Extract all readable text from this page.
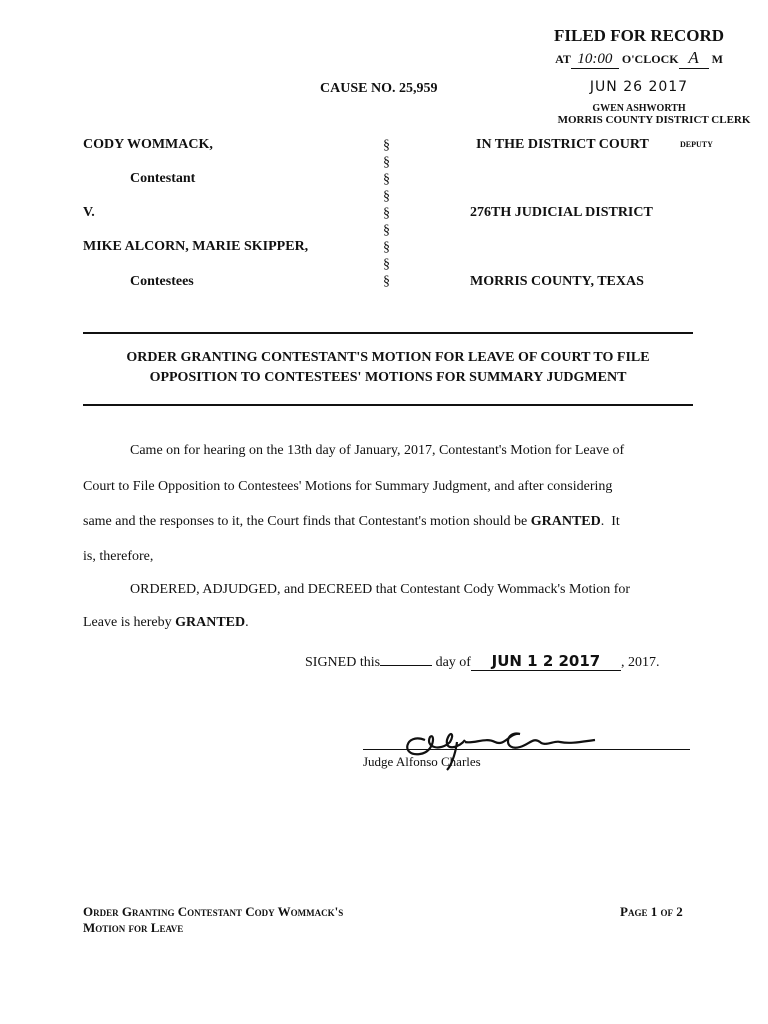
FILED FOR RECORD
AT 10:00 O'CLOCK A M
JUN 26 2017
GWEN ASHWORTH
MORRIS COUNTY DISTRICT CLERK
DEPUTY
CAUSE NO. 25,959
CODY WOMMACK,
Contestant
V.
MIKE ALCORN, MARIE SKIPPER,
Contestees
§
§
§
§
§
§
§
§
§
IN THE DISTRICT COURT
276TH JUDICIAL DISTRICT
MORRIS COUNTY, TEXAS
ORDER GRANTING CONTESTANT'S MOTION FOR LEAVE OF COURT TO FILE
OPPOSITION TO CONTESTEES' MOTIONS FOR SUMMARY JUDGMENT
Came on for hearing on the 13th day of January, 2017, Contestant's Motion for Leave of
Court to File Opposition to Contestees' Motions for Summary Judgment, and after considering
same and the responses to it, the Court finds that Contestant's motion should be GRANTED.  It
is, therefore,
ORDERED, ADJUDGED, and DECREED that Contestant Cody Wommack's Motion for
Leave is hereby GRANTED.
SIGNED this	day of JUN 1 2 2017 , 2017.
Judge Alfonso Charles
Order Granting Contestant Cody Wommack's
Motion for Leave
Page 1 of 2
